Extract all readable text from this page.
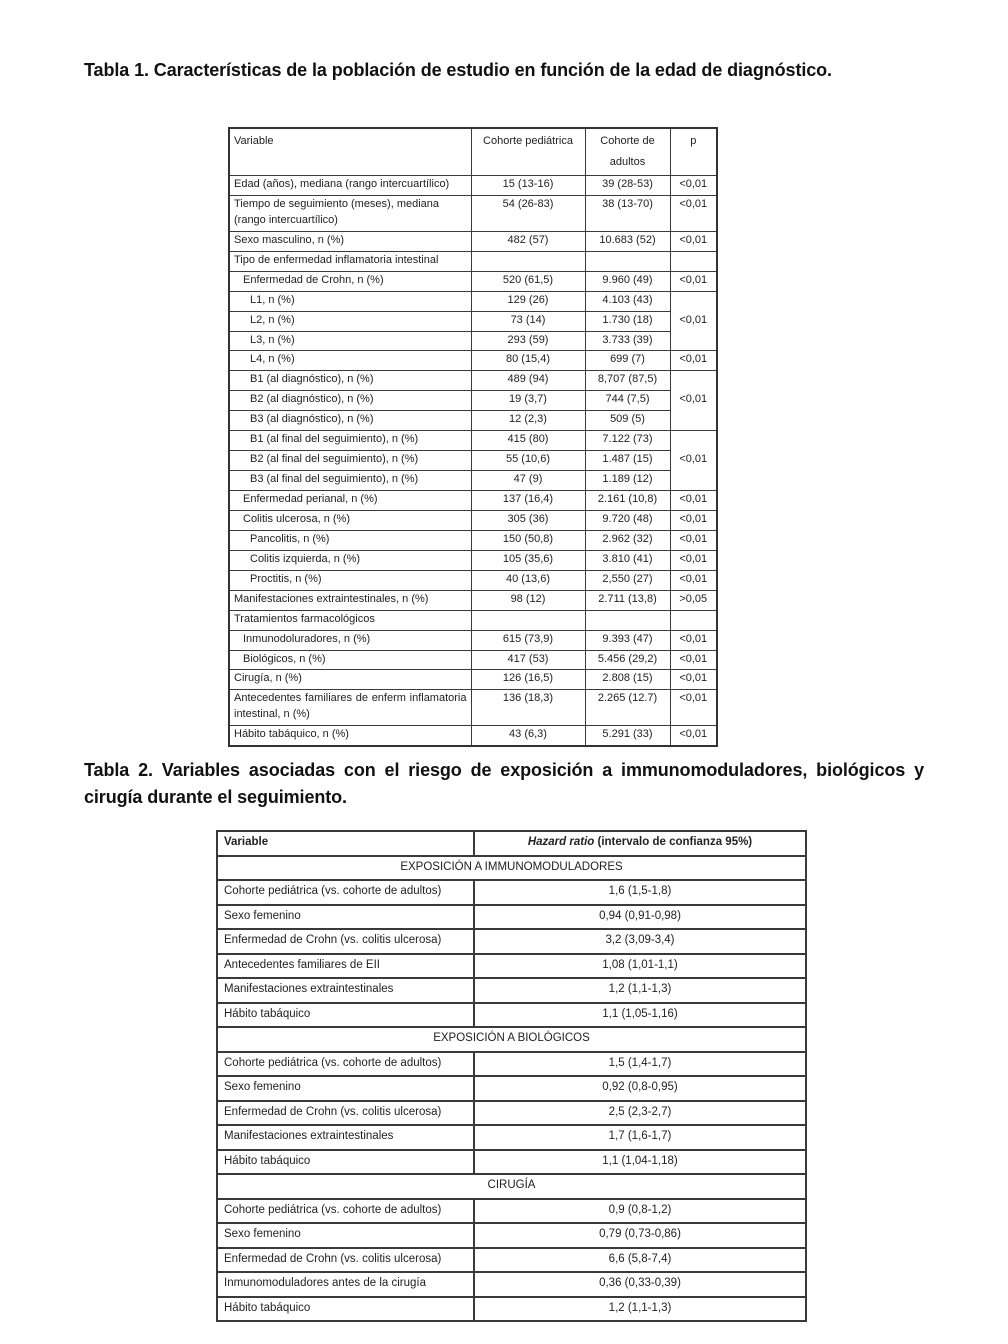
Tabla 1. Características de la población de estudio en función de la edad de diagnóstico.
Variable	Cohorte pediátrica	Cohorte de adultos	p
Edad (años), mediana (rango intercuartílico)	15 (13-16)	39 (28-53)	<0,01
Tiempo de seguimiento (meses), mediana (rango intercuartílico)	54 (26-83)	38 (13-70)	<0,01
Sexo masculino, n (%)	482 (57)	10.683 (52)	<0,01
Tipo de enfermedad inflamatoria intestinal			
Enfermedad de Crohn, n (%)	520 (61,5)	9.960 (49)	<0,01
L1, n (%)	129 (26)	4.103 (43)	<0,01
L2, n (%)	73 (14)	1.730 (18)	
L3, n (%)	293 (59)	3.733 (39)	
L4, n (%)	80 (15,4)	699 (7)	<0,01
B1 (al diagnóstico), n (%)	489 (94)	8,707 (87,5)	<0,01
B2 (al diagnóstico), n (%)	19 (3,7)	744 (7,5)	
B3 (al diagnóstico), n (%)	12 (2,3)	509 (5)	
B1 (al final del seguimiento), n (%)	415 (80)	7.122 (73)	<0,01
B2 (al final del seguimiento), n (%)	55 (10,6)	1.487 (15)	
B3 (al final del seguimiento), n (%)	47 (9)	1.189 (12)	
Enfermedad perianal, n (%)	137 (16,4)	2.161 (10,8)	<0,01
Colitis ulcerosa, n (%)	305 (36)	9.720 (48)	<0,01
Pancolitis, n (%)	150 (50,8)	2.962 (32)	<0,01
Colitis izquierda, n (%)	105 (35,6)	3.810 (41)	<0,01
Proctitis, n (%)	40 (13,6)	2,550 (27)	<0,01
Manifestaciones extraintestinales, n (%)	98 (12)	2.711 (13,8)	>0,05
Tratamientos farmacológicos			
Inmunodoluradores, n (%)	615 (73,9)	9.393 (47)	<0,01
Biológicos, n (%)	417 (53)	5.456 (29,2)	<0,01
Cirugía, n (%)	126 (16,5)	2.808 (15)	<0,01
Antecedentes familiares de enferm inflamatoria intestinal, n (%)	136 (18,3)	2.265 (12.7)	<0,01
Hábito tabáquico, n (%)	43 (6,3)	5.291 (33)	<0,01
Tabla 2. Variables asociadas con el riesgo de exposición a immunomoduladores, biológicos y cirugía durante el seguimiento.
Variable	Hazard ratio (intervalo de confianza 95%)
EXPOSICIÓN A IMMUNOMODULADORES	
Cohorte pediátrica (vs. cohorte de adultos)	1,6 (1,5-1,8)
Sexo femenino	0,94 (0,91-0,98)
Enfermedad de Crohn (vs. colitis ulcerosa)	3,2 (3,09-3,4)
Antecedentes familiares de EII	1,08 (1,01-1,1)
Manifestaciones extraintestinales	1,2 (1,1-1,3)
Hábito tabáquico	1,1 (1,05-1,16)
EXPOSICIÓN A BIOLÓGICOS	
Cohorte pediátrica (vs. cohorte de adultos)	1,5 (1,4-1,7)
Sexo femenino	0,92 (0,8-0,95)
Enfermedad de Crohn (vs. colitis ulcerosa)	2,5 (2,3-2,7)
Manifestaciones extraintestinales	1,7 (1,6-1,7)
Hábito tabáquico	1,1 (1,04-1,18)
CIRUGÍA	
Cohorte pediátrica (vs. cohorte de adultos)	0,9 (0,8-1,2)
Sexo femenino	0,79 (0,73-0,86)
Enfermedad de Crohn (vs. colitis ulcerosa)	6,6 (5,8-7,4)
Inmunomoduladores antes de la cirugía	0,36 (0,33-0,39)
Hábito tabáquico	1,2 (1,1-1,3)
